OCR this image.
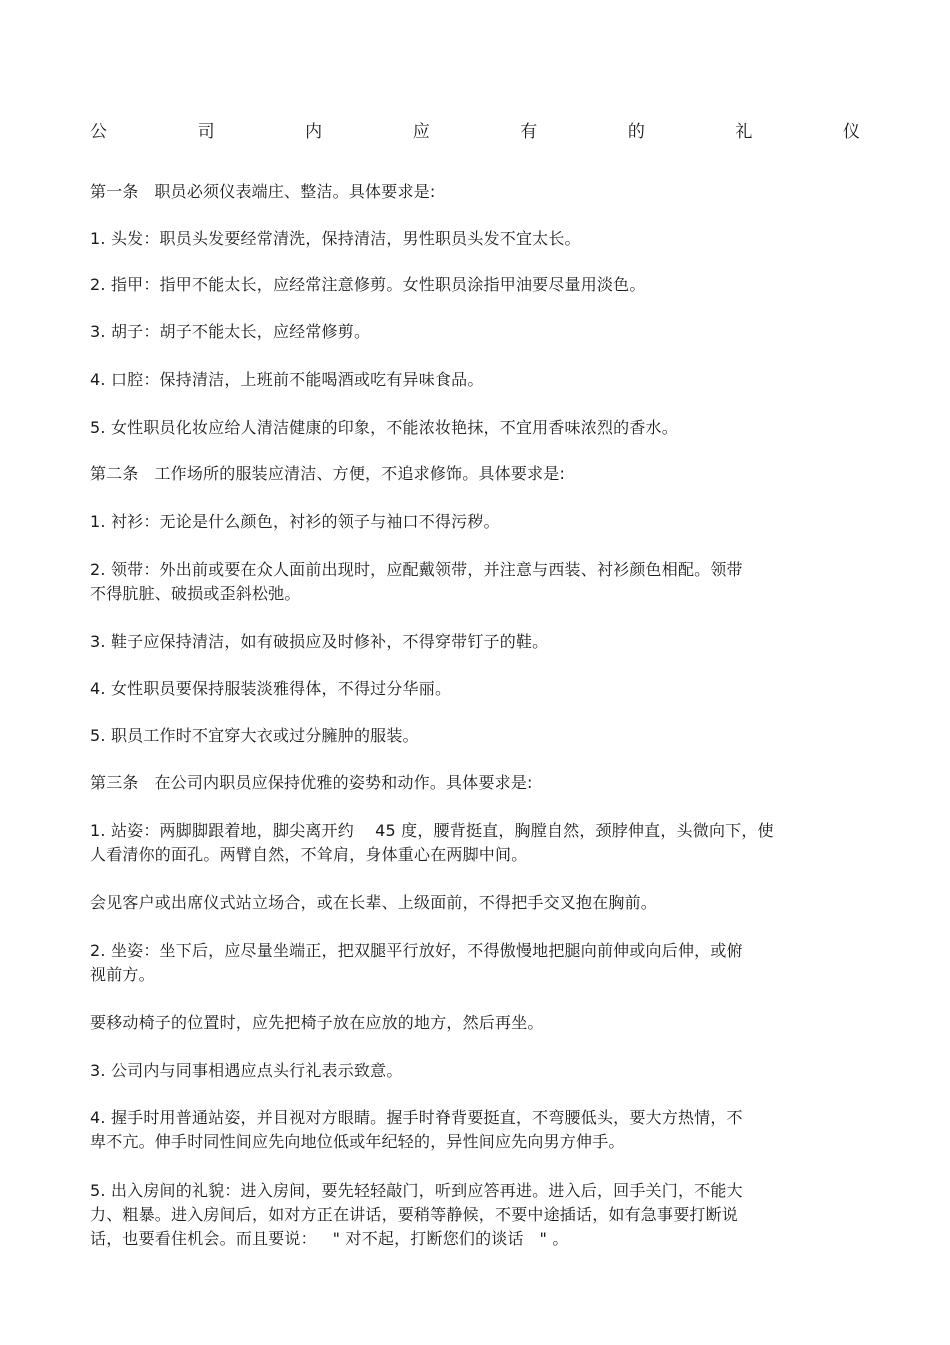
公	司	内	应	有	的	礼	仪
第一条   职员必须仪表端庄、整洁。具体要求是:
1. 头发：职员头发要经常清洗，保持清洁，男性职员头发不宜太长。
2. 指甲：指甲不能太长，应经常注意修剪。女性职员涂指甲油要尽量用淡色。
3. 胡子：胡子不能太长，应经常修剪。
4. 口腔：保持清洁，上班前不能喝酒或吃有异味食品。
5. 女性职员化妆应给人清洁健康的印象，不能浓妆艳抹，不宜用香味浓烈的香水。
第二条   工作场所的服装应清洁、方便，不追求修饰。具体要求是:
1. 衬衫：无论是什么颜色，衬衫的领子与袖口不得污秽。
2. 领带：外出前或要在众人面前出现时，应配戴领带，并注意与西装、衬衫颜色相配。领带
不得肮脏、破损或歪斜松弛。
3. 鞋子应保持清洁，如有破损应及时修补，不得穿带钉子的鞋。
4. 女性职员要保持服装淡雅得体，不得过分华丽。
5. 职员工作时不宜穿大衣或过分臃肿的服装。
第三条   在公司内职员应保持优雅的姿势和动作。具体要求是:
1. 站姿：两脚脚跟着地，脚尖离开约    45 度，腰背挺直，胸膛自然，颈脖伸直，头微向下，使
人看清你的面孔。两臂自然，不耸肩，身体重心在两脚中间。
会见客户或出席仪式站立场合，或在长辈、上级面前，不得把手交叉抱在胸前。
2. 坐姿：坐下后，应尽量坐端正，把双腿平行放好，不得傲慢地把腿向前伸或向后伸，或俯
视前方。
要移动椅子的位置时，应先把椅子放在应放的地方，然后再坐。
3. 公司内与同事相遇应点头行礼表示致意。
4. 握手时用普通站姿，并目视对方眼睛。握手时脊背要挺直，不弯腰低头，要大方热情，不
卑不亢。伸手时同性间应先向地位低或年纪轻的，异性间应先向男方伸手。
5. 出入房间的礼貌：进入房间，要先轻轻敲门，听到应答再进。进入后，回手关门，不能大
力、粗暴。进入房间后，如对方正在讲话，要稍等静候，不要中途插话，如有急事要打断说
话，也要看住机会。而且要说：   " 对不起，打断您们的谈话   " 。
